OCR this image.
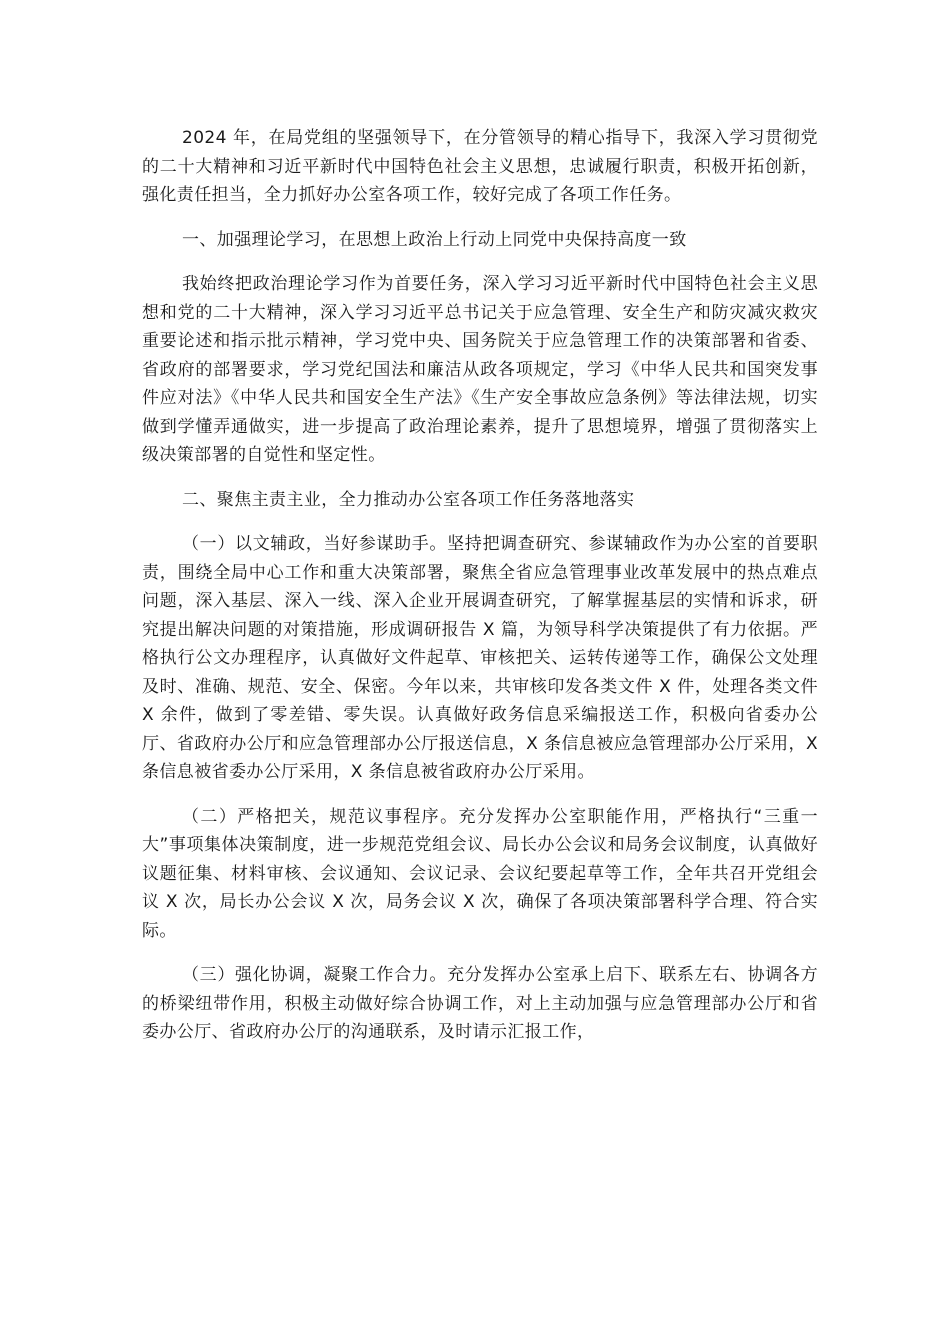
2024 年，在局党组的坚强领导下，在分管领导的精心指导下，我深入学习贯彻党的二十大精神和习近平新时代中国特色社会主义思想，忠诚履行职责，积极开拓创新，强化责任担当，全力抓好办公室各项工作，较好完成了各项工作任务。

一、加强理论学习，在思想上政治上行动上同党中央保持高度一致

我始终把政治理论学习作为首要任务，深入学习习近平新时代中国特色社会主义思想和党的二十大精神，深入学习习近平总书记关于应急管理、安全生产和防灾减灾救灾重要论述和指示批示精神，学习党中央、国务院关于应急管理工作的决策部署和省委、省政府的部署要求，学习党纪国法和廉洁从政各项规定，学习《中华人民共和国突发事件应对法》《中华人民共和国安全生产法》《生产安全事故应急条例》等法律法规，切实做到学懂弄通做实，进一步提高了政治理论素养，提升了思想境界，增强了贯彻落实上级决策部署的自觉性和坚定性。

二、聚焦主责主业，全力推动办公室各项工作任务落地落实

（一）以文辅政，当好参谋助手。坚持把调查研究、参谋辅政作为办公室的首要职责，围绕全局中心工作和重大决策部署，聚焦全省应急管理事业改革发展中的热点难点问题，深入基层、深入一线、深入企业开展调查研究，了解掌握基层的实情和诉求，研究提出解决问题的对策措施，形成调研报告 X 篇，为领导科学决策提供了有力依据。严格执行公文办理程序，认真做好文件起草、审核把关、运转传递等工作，确保公文处理及时、准确、规范、安全、保密。今年以来，共审核印发各类文件 X 件，处理各类文件 X 余件，做到了零差错、零失误。认真做好政务信息采编报送工作，积极向省委办公厅、省政府办公厅和应急管理部办公厅报送信息，X 条信息被应急管理部办公厅采用，X 条信息被省委办公厅采用，X 条信息被省政府办公厅采用。

（二）严格把关，规范议事程序。充分发挥办公室职能作用，严格执行“三重一大”事项集体决策制度，进一步规范党组会议、局长办公会议和局务会议制度，认真做好议题征集、材料审核、会议通知、会议记录、会议纪要起草等工作，全年共召开党组会议 X 次，局长办公会议 X 次，局务会议 X 次，确保了各项决策部署科学合理、符合实际。

（三）强化协调，凝聚工作合力。充分发挥办公室承上启下、联系左右、协调各方的桥梁纽带作用，积极主动做好综合协调工作，对上主动加强与应急管理部办公厅和省委办公厅、省政府办公厅的沟通联系，及时请示汇报工作，
